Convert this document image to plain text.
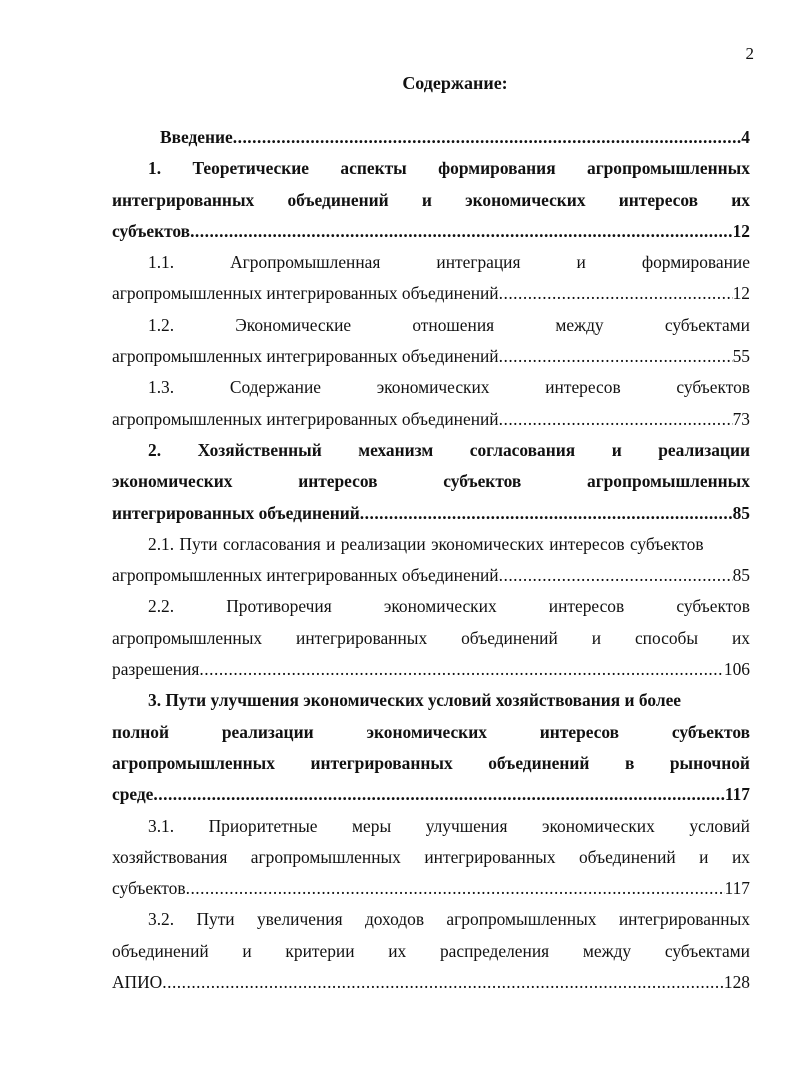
2
Содержание:
Введение .....	4
1. Теоретические аспекты формирования агропромышленных
интегрированных объединений и экономических интересов их
субъектов .....	12
1.1.	Агропромышленная	интеграция	и	формирование
агропромышленных интегрированных объединений .....	12
1.2.	Экономические	отношения	между	субъектами
агропромышленных интегрированных объединений .....	55
1.3.	Содержание	экономических	интересов	субъектов
агропромышленных интегрированных объединений .....	73
2. Хозяйственный механизм согласования и реализации
экономических	интересов	субъектов	агропромышленных
интегрированных объединений .....	85
2.1. Пути согласования и реализации экономических интересов субъектов
агропромышленных интегрированных объединений .....	85
2.2.	Противоречия	экономических	интересов	субъектов
агропромышленных интегрированных объединений и способы их
разрешения .....	106
3. Пути улучшения экономических условий хозяйствования и более
полной	реализации	экономических	интересов	субъектов
агропромышленных интегрированных объединений в рыночной
среде .....	117
3.1. Приоритетные меры улучшения экономических условий
хозяйствования агропромышленных интегрированных объединений и их
субъектов .....	117
3.2. Пути увеличения доходов агропромышленных интегрированных
объединений и критерии их распределения между субъектами
АПИО .....	128
